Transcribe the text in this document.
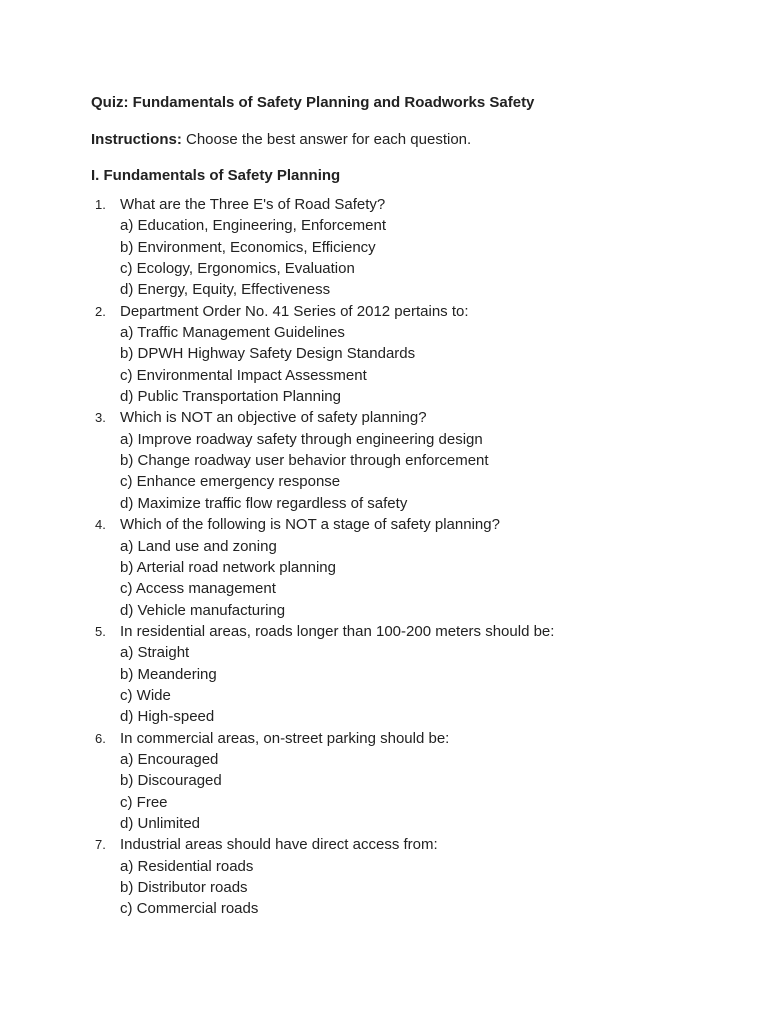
Quiz: Fundamentals of Safety Planning and Roadworks Safety
Instructions: Choose the best answer for each question.
I. Fundamentals of Safety Planning
1. What are the Three E's of Road Safety?
a) Education, Engineering, Enforcement
b) Environment, Economics, Efficiency
c) Ecology, Ergonomics, Evaluation
d) Energy, Equity, Effectiveness
2. Department Order No. 41 Series of 2012 pertains to:
a) Traffic Management Guidelines
b) DPWH Highway Safety Design Standards
c) Environmental Impact Assessment
d) Public Transportation Planning
3. Which is NOT an objective of safety planning?
a) Improve roadway safety through engineering design
b) Change roadway user behavior through enforcement
c) Enhance emergency response
d) Maximize traffic flow regardless of safety
4. Which of the following is NOT a stage of safety planning?
a) Land use and zoning
b) Arterial road network planning
c) Access management
d) Vehicle manufacturing
5. In residential areas, roads longer than 100-200 meters should be:
a) Straight
b) Meandering
c) Wide
d) High-speed
6. In commercial areas, on-street parking should be:
a) Encouraged
b) Discouraged
c) Free
d) Unlimited
7. Industrial areas should have direct access from:
a) Residential roads
b) Distributor roads
c) Commercial roads
